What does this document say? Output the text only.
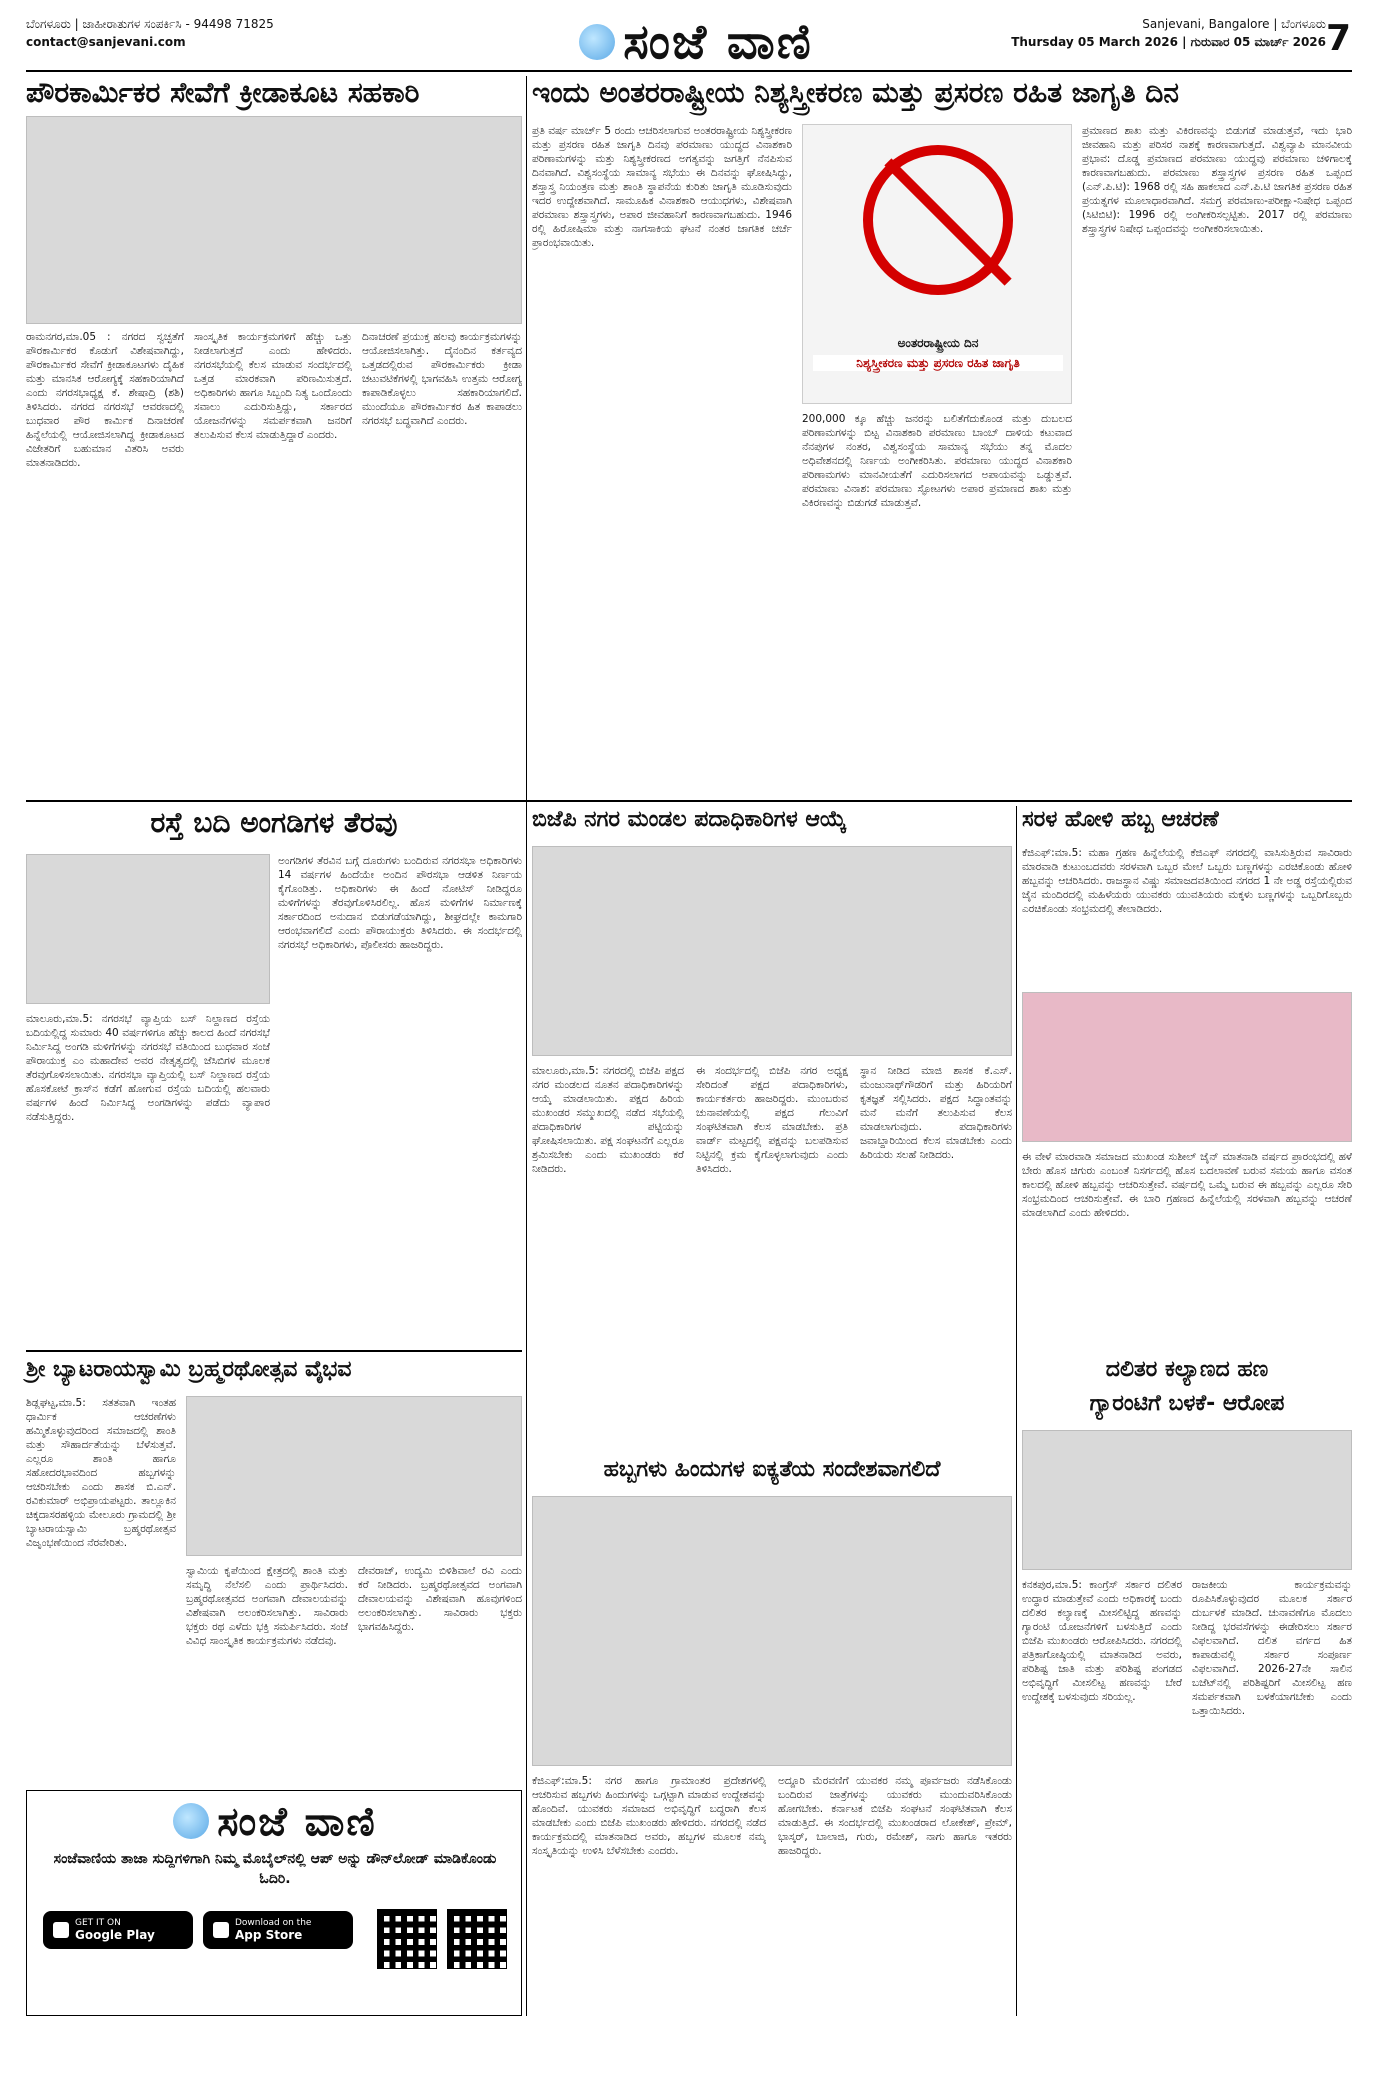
ಬೆಂಗಳೂರು | ಜಾಹೀರಾತುಗಳ ಸಂಪರ್ಕಿಸಿ - 94498 71825
contact@sanjevani.com	ಸಂಜೆ ವಾಣಿ	Sanjevani, Bangalore | ಬೆಂಗಳೂರು
Thursday 05 March 2026 | ಗುರುವಾರ 05 ಮಾರ್ಚ್ 2026 7
ಪೌರಕಾರ್ಮಿಕರ ಸೇವೆಗೆ ಕ್ರೀಡಾಕೂಟ ಸಹಕಾರಿ
ರಾಮನಗರ,ಮಾ.05 : ನಗರದ ಸ್ವಚ್ಛತೆಗೆ ಪೌರಕಾರ್ಮಿಕರ ಕೊಡುಗೆ ವಿಶೇಷವಾಗಿದ್ದು, ಪೌರಕಾರ್ಮಿಕರ ಸೇವೆಗೆ ಕ್ರೀಡಾಕೂಟಗಳು ದೈಹಿಕ ಮತ್ತು ಮಾನಸಿಕ ಆರೋಗ್ಯಕ್ಕೆ ಸಹಕಾರಿಯಾಗಿದೆ ಎಂದು ನಗರಸಭಾಧ್ಯಕ್ಷ ಕೆ. ಶೇಷಾದ್ರಿ (ಶಶಿ) ತಿಳಿಸಿದರು. ನಗರದ ನಗರಸಭೆ ಆವರಣದಲ್ಲಿ ಬುಧವಾರ ಪೌರ ಕಾರ್ಮಿಕ ದಿನಾಚರಣೆ ಹಿನ್ನೆಲೆಯಲ್ಲಿ ಆಯೋಜಿಸಲಾಗಿದ್ದ ಕ್ರೀಡಾಕೂಟದ ವಿಜೇತರಿಗೆ ಬಹುಮಾನ ವಿತರಿಸಿ ಅವರು ಮಾತನಾಡಿದರು.
ಸಾಂಸ್ಕೃತಿಕ ಕಾರ್ಯಕ್ರಮಗಳಿಗೆ ಹೆಚ್ಚು ಒತ್ತು ನೀಡಲಾಗುತ್ತದೆ ಎಂದು ಹೇಳಿದರು. ನಗರಸಭೆಯಲ್ಲಿ ಕೆಲಸ ಮಾಡುವ ಸಂದರ್ಭದಲ್ಲಿ ಒತ್ತಡ ಮಾರಕವಾಗಿ ಪರಿಣಮಿಸುತ್ತದೆ. ಅಧಿಕಾರಿಗಳು ಹಾಗೂ ಸಿಬ್ಬಂದಿ ನಿತ್ಯ ಒಂದೊಂದು ಸವಾಲು ಎದುರಿಸುತ್ತಿದ್ದು, ಸರ್ಕಾರದ ಯೋಜನೆಗಳನ್ನು ಸಮರ್ಪಕವಾಗಿ ಜನರಿಗೆ ತಲುಪಿಸುವ ಕೆಲಸ ಮಾಡುತ್ತಿದ್ದಾರೆ ಎಂದರು.
ದಿನಾಚರಣೆ ಪ್ರಯುಕ್ತ ಹಲವು ಕಾರ್ಯಕ್ರಮಗಳನ್ನು ಆಯೋಜಿಸಲಾಗಿತ್ತು. ದೈನಂದಿನ ಕರ್ತವ್ಯದ ಒತ್ತಡದಲ್ಲಿರುವ ಪೌರಕಾರ್ಮಿಕರು ಕ್ರೀಡಾ ಚಟುವಟಿಕೆಗಳಲ್ಲಿ ಭಾಗವಹಿಸಿ ಉತ್ತಮ ಆರೋಗ್ಯ ಕಾಪಾಡಿಕೊಳ್ಳಲು ಸಹಕಾರಿಯಾಗಲಿದೆ. ಮುಂದೆಯೂ ಪೌರಕಾರ್ಮಿಕರ ಹಿತ ಕಾಪಾಡಲು ನಗರಸಭೆ ಬದ್ಧವಾಗಿದೆ ಎಂದರು.
ಇಂದು ಅಂತರರಾಷ್ಟ್ರೀಯ ನಿಶ್ಯಸ್ತ್ರೀಕರಣ ಮತ್ತು ಪ್ರಸರಣ ರಹಿತ ಜಾಗೃತಿ ದಿನ
ಪ್ರತಿ ವರ್ಷ ಮಾರ್ಚ್ 5 ರಂದು ಆಚರಿಸಲಾಗುವ ಅಂತರರಾಷ್ಟ್ರೀಯ ನಿಶ್ಯಸ್ತ್ರೀಕರಣ ಮತ್ತು ಪ್ರಸರಣ ರಹಿತ ಜಾಗೃತಿ ದಿನವು ಪರಮಾಣು ಯುದ್ಧದ ವಿನಾಶಕಾರಿ ಪರಿಣಾಮಗಳನ್ನು ಮತ್ತು ನಿಶ್ಯಸ್ತ್ರೀಕರಣದ ಅಗತ್ಯವನ್ನು ಜಗತ್ತಿಗೆ ನೆನಪಿಸುವ ದಿನವಾಗಿದೆ. ವಿಶ್ವಸಂಸ್ಥೆಯ ಸಾಮಾನ್ಯ ಸಭೆಯು ಈ ದಿನವನ್ನು ಘೋಷಿಸಿದ್ದು, ಶಸ್ತ್ರಾಸ್ತ್ರ ನಿಯಂತ್ರಣ ಮತ್ತು ಶಾಂತಿ ಸ್ಥಾಪನೆಯ ಕುರಿತು ಜಾಗೃತಿ ಮೂಡಿಸುವುದು ಇದರ ಉದ್ದೇಶವಾಗಿದೆ. ಸಾಮೂಹಿಕ ವಿನಾಶಕಾರಿ ಆಯುಧಗಳು, ವಿಶೇಷವಾಗಿ ಪರಮಾಣು ಶಸ್ತ್ರಾಸ್ತ್ರಗಳು, ಅಪಾರ ಜೀವಹಾನಿಗೆ ಕಾರಣವಾಗಬಹುದು. 1946 ರಲ್ಲಿ ಹಿರೋಷಿಮಾ ಮತ್ತು ನಾಗಸಾಕಿಯ ಘಟನೆ ನಂತರ ಜಾಗತಿಕ ಚರ್ಚೆ ಪ್ರಾರಂಭವಾಯಿತು.
ಅಂತರರಾಷ್ಟ್ರೀಯ ದಿನ
ನಿಶ್ಯಸ್ತ್ರೀಕರಣ ಮತ್ತು ಪ್ರಸರಣ ರಹಿತ ಜಾಗೃತಿ
200,000 ಕ್ಕೂ ಹೆಚ್ಚು ಜನರನ್ನು ಬಲಿತೆಗೆದುಕೊಂಡ ಮತ್ತು ದುಬಲದ ಪರಿಣಾಮಗಳನ್ನು ಬಿಟ್ಟ ವಿನಾಶಕಾರಿ ಪರಮಾಣು ಬಾಂಬ್ ದಾಳಿಯ ಕಟುವಾದ ನೆನಪುಗಳ ನಂತರ, ವಿಶ್ವಸಂಸ್ಥೆಯ ಸಾಮಾನ್ಯ ಸಭೆಯು ತನ್ನ ಮೊದಲ ಅಧಿವೇಶನದಲ್ಲಿ ನಿರ್ಣಯ ಅಂಗೀಕರಿಸಿತು. ಪರಮಾಣು ಯುದ್ಧದ ವಿನಾಶಕಾರಿ ಪರಿಣಾಮಗಳು ಮಾನವೀಯತೆಗೆ ಎದುರಿಸಲಾಗದ ಅಪಾಯವನ್ನು ಒಡ್ಡುತ್ತವೆ. ಪರಮಾಣು ವಿನಾಶ: ಪರಮಾಣು ಸ್ಫೋಟಗಳು ಅಪಾರ ಪ್ರಮಾಣದ ಶಾಖ ಮತ್ತು ವಿಕಿರಣವನ್ನು ಬಿಡುಗಡೆ ಮಾಡುತ್ತವೆ.
ಪ್ರಮಾಣದ ಶಾಖ ಮತ್ತು ವಿಕಿರಣವನ್ನು ಬಿಡುಗಡೆ ಮಾಡುತ್ತವೆ, ಇದು ಭಾರಿ ಜೀವಹಾನಿ ಮತ್ತು ಪರಿಸರ ನಾಶಕ್ಕೆ ಕಾರಣವಾಗುತ್ತದೆ. ವಿಶ್ವವ್ಯಾಪಿ ಮಾನವೀಯ ಪ್ರಭಾವ: ದೊಡ್ಡ ಪ್ರಮಾಣದ ಪರಮಾಣು ಯುದ್ಧವು ಪರಮಾಣು ಚಳಿಗಾಲಕ್ಕೆ ಕಾರಣವಾಗಬಹುದು. ಪರಮಾಣು ಶಸ್ತ್ರಾಸ್ತ್ರಗಳ ಪ್ರಸರಣ ರಹಿತ ಒಪ್ಪಂದ (ಎನ್.ಪಿ.ಟಿ): 1968 ರಲ್ಲಿ ಸಹಿ ಹಾಕಲಾದ ಎನ್.ಪಿ.ಟಿ ಜಾಗತಿಕ ಪ್ರಸರಣ ರಹಿತ ಪ್ರಯತ್ನಗಳ ಮೂಲಾಧಾರವಾಗಿದೆ. ಸಮಗ್ರ ಪರಮಾಣು-ಪರೀಕ್ಷಾ-ನಿಷೇಧ ಒಪ್ಪಂದ (ಸಿಟಿಬಿಟಿ): 1996 ರಲ್ಲಿ ಅಂಗೀಕರಿಸಲ್ಪಟ್ಟಿತು. 2017 ರಲ್ಲಿ ಪರಮಾಣು ಶಸ್ತ್ರಾಸ್ತ್ರಗಳ ನಿಷೇಧ ಒಪ್ಪಂದವನ್ನು ಅಂಗೀಕರಿಸಲಾಯಿತು.
ರಸ್ತೆ ಬದಿ ಅಂಗಡಿಗಳ ತೆರವು
ಅಂಗಡಿಗಳ ತೆರವಿನ ಬಗ್ಗೆ ದೂರುಗಳು ಬಂದಿರುವ ನಗರಸಭಾ ಅಧಿಕಾರಿಗಳು 14 ವರ್ಷಗಳ ಹಿಂದೆಯೇ ಅಂದಿನ ಪೌರಸಭಾ ಆಡಳಿತ ನಿರ್ಣಯ ಕೈಗೊಂಡಿತ್ತು. ಅಧಿಕಾರಿಗಳು ಈ ಹಿಂದೆ ನೋಟಿಸ್ ನೀಡಿದ್ದರೂ ಮಳಿಗೆಗಳನ್ನು ತೆರವುಗೊಳಿಸಿರಲಿಲ್ಲ. ಹೊಸ ಮಳಿಗೆಗಳ ನಿರ್ಮಾಣಕ್ಕೆ ಸರ್ಕಾರದಿಂದ ಅನುದಾನ ಬಿಡುಗಡೆಯಾಗಿದ್ದು, ಶೀಘ್ರದಲ್ಲೇ ಕಾಮಗಾರಿ ಆರಂಭವಾಗಲಿದೆ ಎಂದು ಪೌರಾಯುಕ್ತರು ತಿಳಿಸಿದರು. ಈ ಸಂದರ್ಭದಲ್ಲಿ ನಗರಸಭೆ ಅಧಿಕಾರಿಗಳು, ಪೊಲೀಸರು ಹಾಜರಿದ್ದರು.
ಮಾಲೂರು,ಮಾ.5: ನಗರಸಭೆ ವ್ಯಾಪ್ತಿಯ ಬಸ್ ನಿಲ್ದಾಣದ ರಸ್ತೆಯ ಬದಿಯಲ್ಲಿದ್ದ ಸುಮಾರು 40 ವರ್ಷಗಳಿಗೂ ಹೆಚ್ಚು ಕಾಲದ ಹಿಂದೆ ನಗರಸಭೆ ನಿರ್ಮಿಸಿದ್ದ ಅಂಗಡಿ ಮಳಿಗೆಗಳನ್ನು ನಗರಸಭೆ ವತಿಯಿಂದ ಬುಧವಾರ ಸಂಜೆ ಪೌರಾಯುಕ್ತ ಎಂ ಮಹಾದೇವ ಅವರ ನೇತೃತ್ವದಲ್ಲಿ ಜೆಸಿಬಿಗಳ ಮೂಲಕ ತೆರವುಗೊಳಿಸಲಾಯಿತು. ನಗರಸಭಾ ವ್ಯಾಪ್ತಿಯಲ್ಲಿ ಬಸ್ ನಿಲ್ದಾಣದ ರಸ್ತೆಯ ಹೊಸಕೋಟೆ ಕ್ರಾಸ್‌ನ ಕಡೆಗೆ ಹೋಗುವ ರಸ್ತೆಯ ಬದಿಯಲ್ಲಿ ಹಲವಾರು ವರ್ಷಗಳ ಹಿಂದೆ ನಿರ್ಮಿಸಿದ್ದ ಅಂಗಡಿಗಳನ್ನು ಪಡೆದು ವ್ಯಾಪಾರ ನಡೆಸುತ್ತಿದ್ದರು.
ಬಿಜೆಪಿ ನಗರ ಮಂಡಲ ಪದಾಧಿಕಾರಿಗಳ ಆಯ್ಕೆ
ಮಾಲೂರು,ಮಾ.5: ನಗರದಲ್ಲಿ ಬಿಜೆಪಿ ಪಕ್ಷದ ನಗರ ಮಂಡಲದ ನೂತನ ಪದಾಧಿಕಾರಿಗಳನ್ನು ಆಯ್ಕೆ ಮಾಡಲಾಯಿತು. ಪಕ್ಷದ ಹಿರಿಯ ಮುಖಂಡರ ಸಮ್ಮುಖದಲ್ಲಿ ನಡೆದ ಸಭೆಯಲ್ಲಿ ಪದಾಧಿಕಾರಿಗಳ ಪಟ್ಟಿಯನ್ನು ಘೋಷಿಸಲಾಯಿತು. ಪಕ್ಷ ಸಂಘಟನೆಗೆ ಎಲ್ಲರೂ ಶ್ರಮಿಸಬೇಕು ಎಂದು ಮುಖಂಡರು ಕರೆ ನೀಡಿದರು.
ಈ ಸಂದರ್ಭದಲ್ಲಿ ಬಿಜೆಪಿ ನಗರ ಅಧ್ಯಕ್ಷ ಸೇರಿದಂತೆ ಪಕ್ಷದ ಪದಾಧಿಕಾರಿಗಳು, ಕಾರ್ಯಕರ್ತರು ಹಾಜರಿದ್ದರು. ಮುಂಬರುವ ಚುನಾವಣೆಯಲ್ಲಿ ಪಕ್ಷದ ಗೆಲುವಿಗೆ ಸಂಘಟಿತವಾಗಿ ಕೆಲಸ ಮಾಡಬೇಕು. ಪ್ರತಿ ವಾರ್ಡ್ ಮಟ್ಟದಲ್ಲಿ ಪಕ್ಷವನ್ನು ಬಲಪಡಿಸುವ ನಿಟ್ಟಿನಲ್ಲಿ ಕ್ರಮ ಕೈಗೊಳ್ಳಲಾಗುವುದು ಎಂದು ತಿಳಿಸಿದರು.
ಸ್ಥಾನ ನೀಡಿದ ಮಾಜಿ ಶಾಸಕ ಕೆ.ಎಸ್. ಮಂಜುನಾಥ್‌ಗೌಡರಿಗೆ ಮತ್ತು ಹಿರಿಯರಿಗೆ ಕೃತಜ್ಞತೆ ಸಲ್ಲಿಸಿದರು. ಪಕ್ಷದ ಸಿದ್ಧಾಂತವನ್ನು ಮನೆ ಮನೆಗೆ ತಲುಪಿಸುವ ಕೆಲಸ ಮಾಡಲಾಗುವುದು. ಪದಾಧಿಕಾರಿಗಳು ಜವಾಬ್ದಾರಿಯಿಂದ ಕೆಲಸ ಮಾಡಬೇಕು ಎಂದು ಹಿರಿಯರು ಸಲಹೆ ನೀಡಿದರು.
ಸರಳ ಹೋಳಿ ಹಬ್ಬ ಆಚರಣೆ
ಕೆಜಿಎಫ್:ಮಾ.5: ಮಹಾ ಗ್ರಹಣ ಹಿನ್ನೆಲೆಯಲ್ಲಿ ಕೆಜಿಎಫ್ ನಗರದಲ್ಲಿ ವಾಸಿಸುತ್ತಿರುವ ಸಾವಿರಾರು ಮಾರವಾಡಿ ಕುಟುಂಬದವರು ಸರಳವಾಗಿ ಒಬ್ಬರ ಮೇಲೆ ಒಬ್ಬರು ಬಣ್ಣಗಳನ್ನು ಎರಚಿಕೊಂಡು ಹೋಳಿ ಹಬ್ಬವನ್ನು ಆಚರಿಸಿದರು. ರಾಜಸ್ಥಾನ ವಿಷ್ಣು ಸಮಾಜದವತಿಯಿಂದ ನಗರದ 1 ನೇ ಅಡ್ಡ ರಸ್ತೆಯಲ್ಲಿರುವ ಜೈನ ಮಂದಿರದಲ್ಲಿ ಮಹಿಳೆಯರು ಯುವಕರು ಯುವತಿಯರು ಮಕ್ಕಳು ಬಣ್ಣಗಳನ್ನು ಒಬ್ಬರಿಗೊಬ್ಬರು ಎರಚಿಕೊಂಡು ಸಂಭ್ರಮದಲ್ಲಿ ತೇಲಾಡಿದರು.
ಈ ವೇಳೆ ಮಾರವಾಡಿ ಸಮಾಜದ ಮುಖಂಡ ಸುಶೀಲ್ ಜೈನ್ ಮಾತನಾಡಿ ವರ್ಷದ ಪ್ರಾರಂಭದಲ್ಲಿ ಹಳೆ ಬೇರು ಹೊಸ ಚಿಗುರು ಎಂಬಂತೆ ನಿಸರ್ಗದಲ್ಲಿ ಹೊಸ ಬದಲಾವಣೆ ಬರುವ ಸಮಯ ಹಾಗೂ ವಸಂತ ಕಾಲದಲ್ಲಿ ಹೋಳಿ ಹಬ್ಬವನ್ನು ಆಚರಿಸುತ್ತೇವೆ. ವರ್ಷದಲ್ಲಿ ಒಮ್ಮೆ ಬರುವ ಈ ಹಬ್ಬವನ್ನು ಎಲ್ಲರೂ ಸೇರಿ ಸಂಭ್ರಮದಿಂದ ಆಚರಿಸುತ್ತೇವೆ. ಈ ಬಾರಿ ಗ್ರಹಣದ ಹಿನ್ನೆಲೆಯಲ್ಲಿ ಸರಳವಾಗಿ ಹಬ್ಬವನ್ನು ಆಚರಣೆ ಮಾಡಲಾಗಿದೆ ಎಂದು ಹೇಳಿದರು.
ಶ್ರೀ ಬ್ಯಾಟರಾಯಸ್ವಾಮಿ ಬ್ರಹ್ಮರಥೋತ್ಸವ ವೈಭವ
ಶಿಡ್ಲಘಟ್ಟ,ಮಾ.5: ಸತತವಾಗಿ ಇಂತಹ ಧಾರ್ಮಿಕ ಆಚರಣೆಗಳು ಹಮ್ಮಿಕೊಳ್ಳುವುದರಿಂದ ಸಮಾಜದಲ್ಲಿ ಶಾಂತಿ ಮತ್ತು ಸೌಹಾರ್ದತೆಯನ್ನು ಬೆಳೆಸುತ್ತವೆ. ಎಲ್ಲರೂ ಶಾಂತಿ ಹಾಗೂ ಸಹೋದರಭಾವದಿಂದ ಹಬ್ಬಗಳನ್ನು ಆಚರಿಸಬೇಕು ಎಂದು ಶಾಸಕ ಬಿ.ಎನ್. ರವಿಕುಮಾರ್ ಅಭಿಪ್ರಾಯಪಟ್ಟರು. ತಾಲ್ಲೂಕಿನ ಚಿಕ್ಕದಾಸರಹಳ್ಳಿಯ ಮೇಲೂರು ಗ್ರಾಮದಲ್ಲಿ ಶ್ರೀ ಬ್ಯಾಟರಾಯಸ್ವಾಮಿ ಬ್ರಹ್ಮರಥೋತ್ಸವ ವಿಜೃಂಭಣೆಯಿಂದ ನೆರವೇರಿತು.
ಸ್ವಾಮಿಯ ಕೃಪೆಯಿಂದ ಕ್ಷೇತ್ರದಲ್ಲಿ ಶಾಂತಿ ಮತ್ತು ಸಮೃದ್ಧಿ ನೆಲೆಸಲಿ ಎಂದು ಪ್ರಾರ್ಥಿಸಿದರು. ಬ್ರಹ್ಮರಥೋತ್ಸವದ ಅಂಗವಾಗಿ ದೇವಾಲಯವನ್ನು ವಿಶೇಷವಾಗಿ ಅಲಂಕರಿಸಲಾಗಿತ್ತು. ಸಾವಿರಾರು ಭಕ್ತರು ರಥ ಎಳೆದು ಭಕ್ತಿ ಸಮರ್ಪಿಸಿದರು. ಸಂಜೆ ವಿವಿಧ ಸಾಂಸ್ಕೃತಿಕ ಕಾರ್ಯಕ್ರಮಗಳು ನಡೆದವು.
ದೇವರಾಜ್, ಉದ್ಯಮಿ ಬಿಳಿಶಿವಾಲೆ ರವಿ ಎಂದು ಕರೆ ನೀಡಿದರು. ಬ್ರಹ್ಮರಥೋತ್ಸವದ ಅಂಗವಾಗಿ ದೇವಾಲಯವನ್ನು ವಿಶೇಷವಾಗಿ ಹೂವುಗಳಿಂದ ಅಲಂಕರಿಸಲಾಗಿತ್ತು. ಸಾವಿರಾರು ಭಕ್ತರು ಭಾಗವಹಿಸಿದ್ದರು.
ಹಬ್ಬಗಳು ಹಿಂದುಗಳ ಐಕ್ಯತೆಯ ಸಂದೇಶವಾಗಲಿದೆ
ಕೆಜಿಎಫ್:ಮಾ.5: ನಗರ ಹಾಗೂ ಗ್ರಾಮಾಂತರ ಪ್ರದೇಶಗಳಲ್ಲಿ ಆಚರಿಸುವ ಹಬ್ಬಗಳು ಹಿಂದುಗಳನ್ನು ಒಗ್ಗಟ್ಟಾಗಿ ಮಾಡುವ ಉದ್ದೇಶವನ್ನು ಹೊಂದಿವೆ. ಯುವಕರು ಸಮಾಜದ ಅಭಿವೃದ್ಧಿಗೆ ಬದ್ಧರಾಗಿ ಕೆಲಸ ಮಾಡಬೇಕು ಎಂದು ಬಿಜೆಪಿ ಮುಖಂಡರು ಹೇಳಿದರು. ನಗರದಲ್ಲಿ ನಡೆದ ಕಾರ್ಯಕ್ರಮದಲ್ಲಿ ಮಾತನಾಡಿದ ಅವರು, ಹಬ್ಬಗಳ ಮೂಲಕ ನಮ್ಮ ಸಂಸ್ಕೃತಿಯನ್ನು ಉಳಿಸಿ ಬೆಳೆಸಬೇಕು ಎಂದರು.
ಅದ್ದೂರಿ ಮೆರವಣಿಗೆ ಯುವಕರ ನಮ್ಮ ಪೂರ್ವಜರು ನಡೆಸಿಕೊಂಡು ಬಂದಿರುವ ಜಾತ್ರೆಗಳನ್ನು ಯುವಕರು ಮುಂದುವರಿಸಿಕೊಂಡು ಹೋಗಬೇಕು. ಕರ್ನಾಟಕ ಬಿಜೆಪಿ ಸಂಘಟನೆ ಸಂಘಟಿತವಾಗಿ ಕೆಲಸ ಮಾಡುತ್ತಿದೆ. ಈ ಸಂದರ್ಭದಲ್ಲಿ ಮುಖಂಡರಾದ ಲೋಕೇಶ್, ಪ್ರೇಮ್, ಭಾಸ್ಕರ್, ಬಾಲಾಜಿ, ಗುರು, ರಮೇಶ್, ನಾಗು ಹಾಗೂ ಇತರರು ಹಾಜರಿದ್ದರು.
ದಲಿತರ ಕಲ್ಯಾಣದ ಹಣ
ಗ್ಯಾರಂಟಿಗೆ ಬಳಕೆ- ಆರೋಪ
ಕನಕಪುರ,ಮಾ.5: ಕಾಂಗ್ರೆಸ್ ಸರ್ಕಾರ ದಲಿತರ ಉದ್ಧಾರ ಮಾಡುತ್ತೇವೆ ಎಂದು ಅಧಿಕಾರಕ್ಕೆ ಬಂದು ದಲಿತರ ಕಲ್ಯಾಣಕ್ಕೆ ಮೀಸಲಿಟ್ಟಿದ್ದ ಹಣವನ್ನು ಗ್ಯಾರಂಟಿ ಯೋಜನೆಗಳಿಗೆ ಬಳಸುತ್ತಿದೆ ಎಂದು ಬಿಜೆಪಿ ಮುಖಂಡರು ಆರೋಪಿಸಿದರು. ನಗರದಲ್ಲಿ ಪತ್ರಿಕಾಗೋಷ್ಠಿಯಲ್ಲಿ ಮಾತನಾಡಿದ ಅವರು, ಪರಿಶಿಷ್ಟ ಜಾತಿ ಮತ್ತು ಪರಿಶಿಷ್ಟ ಪಂಗಡದ ಅಭಿವೃದ್ಧಿಗೆ ಮೀಸಲಿಟ್ಟ ಹಣವನ್ನು ಬೇರೆ ಉದ್ದೇಶಕ್ಕೆ ಬಳಸುವುದು ಸರಿಯಲ್ಲ.
ರಾಜಕೀಯ ಕಾರ್ಯಕ್ರಮವನ್ನು ರೂಪಿಸಿಕೊಳ್ಳುವುದರ ಮೂಲಕ ಸರ್ಕಾರ ದುರ್ಬಳಕೆ ಮಾಡಿದೆ. ಚುನಾವಣೆಗೂ ಮೊದಲು ನೀಡಿದ್ದ ಭರವಸೆಗಳನ್ನು ಈಡೇರಿಸಲು ಸರ್ಕಾರ ವಿಫಲವಾಗಿದೆ. ದಲಿತ ವರ್ಗದ ಹಿತ ಕಾಪಾಡುವಲ್ಲಿ ಸರ್ಕಾರ ಸಂಪೂರ್ಣ ವಿಫಲವಾಗಿದೆ. 2026-27ನೇ ಸಾಲಿನ ಬಜೆಟ್‌ನಲ್ಲಿ ಪರಿಶಿಷ್ಟರಿಗೆ ಮೀಸಲಿಟ್ಟ ಹಣ ಸಮರ್ಪಕವಾಗಿ ಬಳಕೆಯಾಗಬೇಕು ಎಂದು ಒತ್ತಾಯಿಸಿದರು.
ಸಂಜೆ ವಾಣಿ
ಸಂಜೆವಾಣಿಯ ತಾಜಾ ಸುದ್ದಿಗಳಿಗಾಗಿ ನಿಮ್ಮ ಮೊಬೈಲ್‌ನಲ್ಲಿ ಆಪ್ ಅನ್ನು ಡೌನ್‌ಲೋಡ್ ಮಾಡಿಕೊಂಡು ಓದಿರಿ.
GET IT ON
Google Play
Download on the
App Store
